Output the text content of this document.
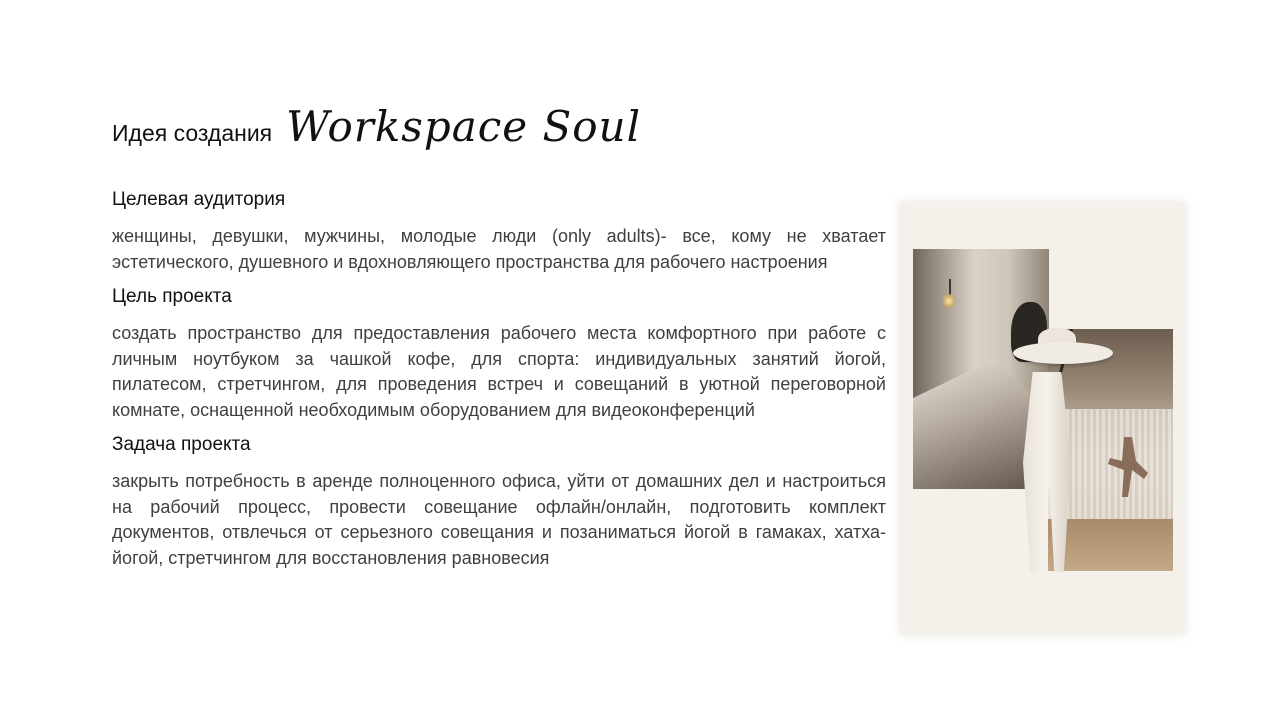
Идея создания Workspace Soul
Целевая аудитория

женщины, девушки, мужчины, молодые люди (only adults)- все, кому не хватает эстетического, душевного и вдохновляющего пространства для рабочего настроения

Цель проекта

создать пространство для предоставления рабочего места комфортного при работе с личным ноутбуком за чашкой кофе, для спорта: индивидуальных занятий йогой, пилатесом, стретчингом, для проведения встреч и совещаний в уютной переговорной комнате, оснащенной необходимым оборудованием для видеоконференций

Задача проекта

закрыть потребность в аренде полноценного офиса, уйти от домашних дел и настроиться на рабочий процесс, провести совещание офлайн/онлайн, подготовить комплект документов, отвлечься от серьезного совещания и позаниматься йогой в гамаках, хатха-йогой, стретчингом для восстановления равновесия
